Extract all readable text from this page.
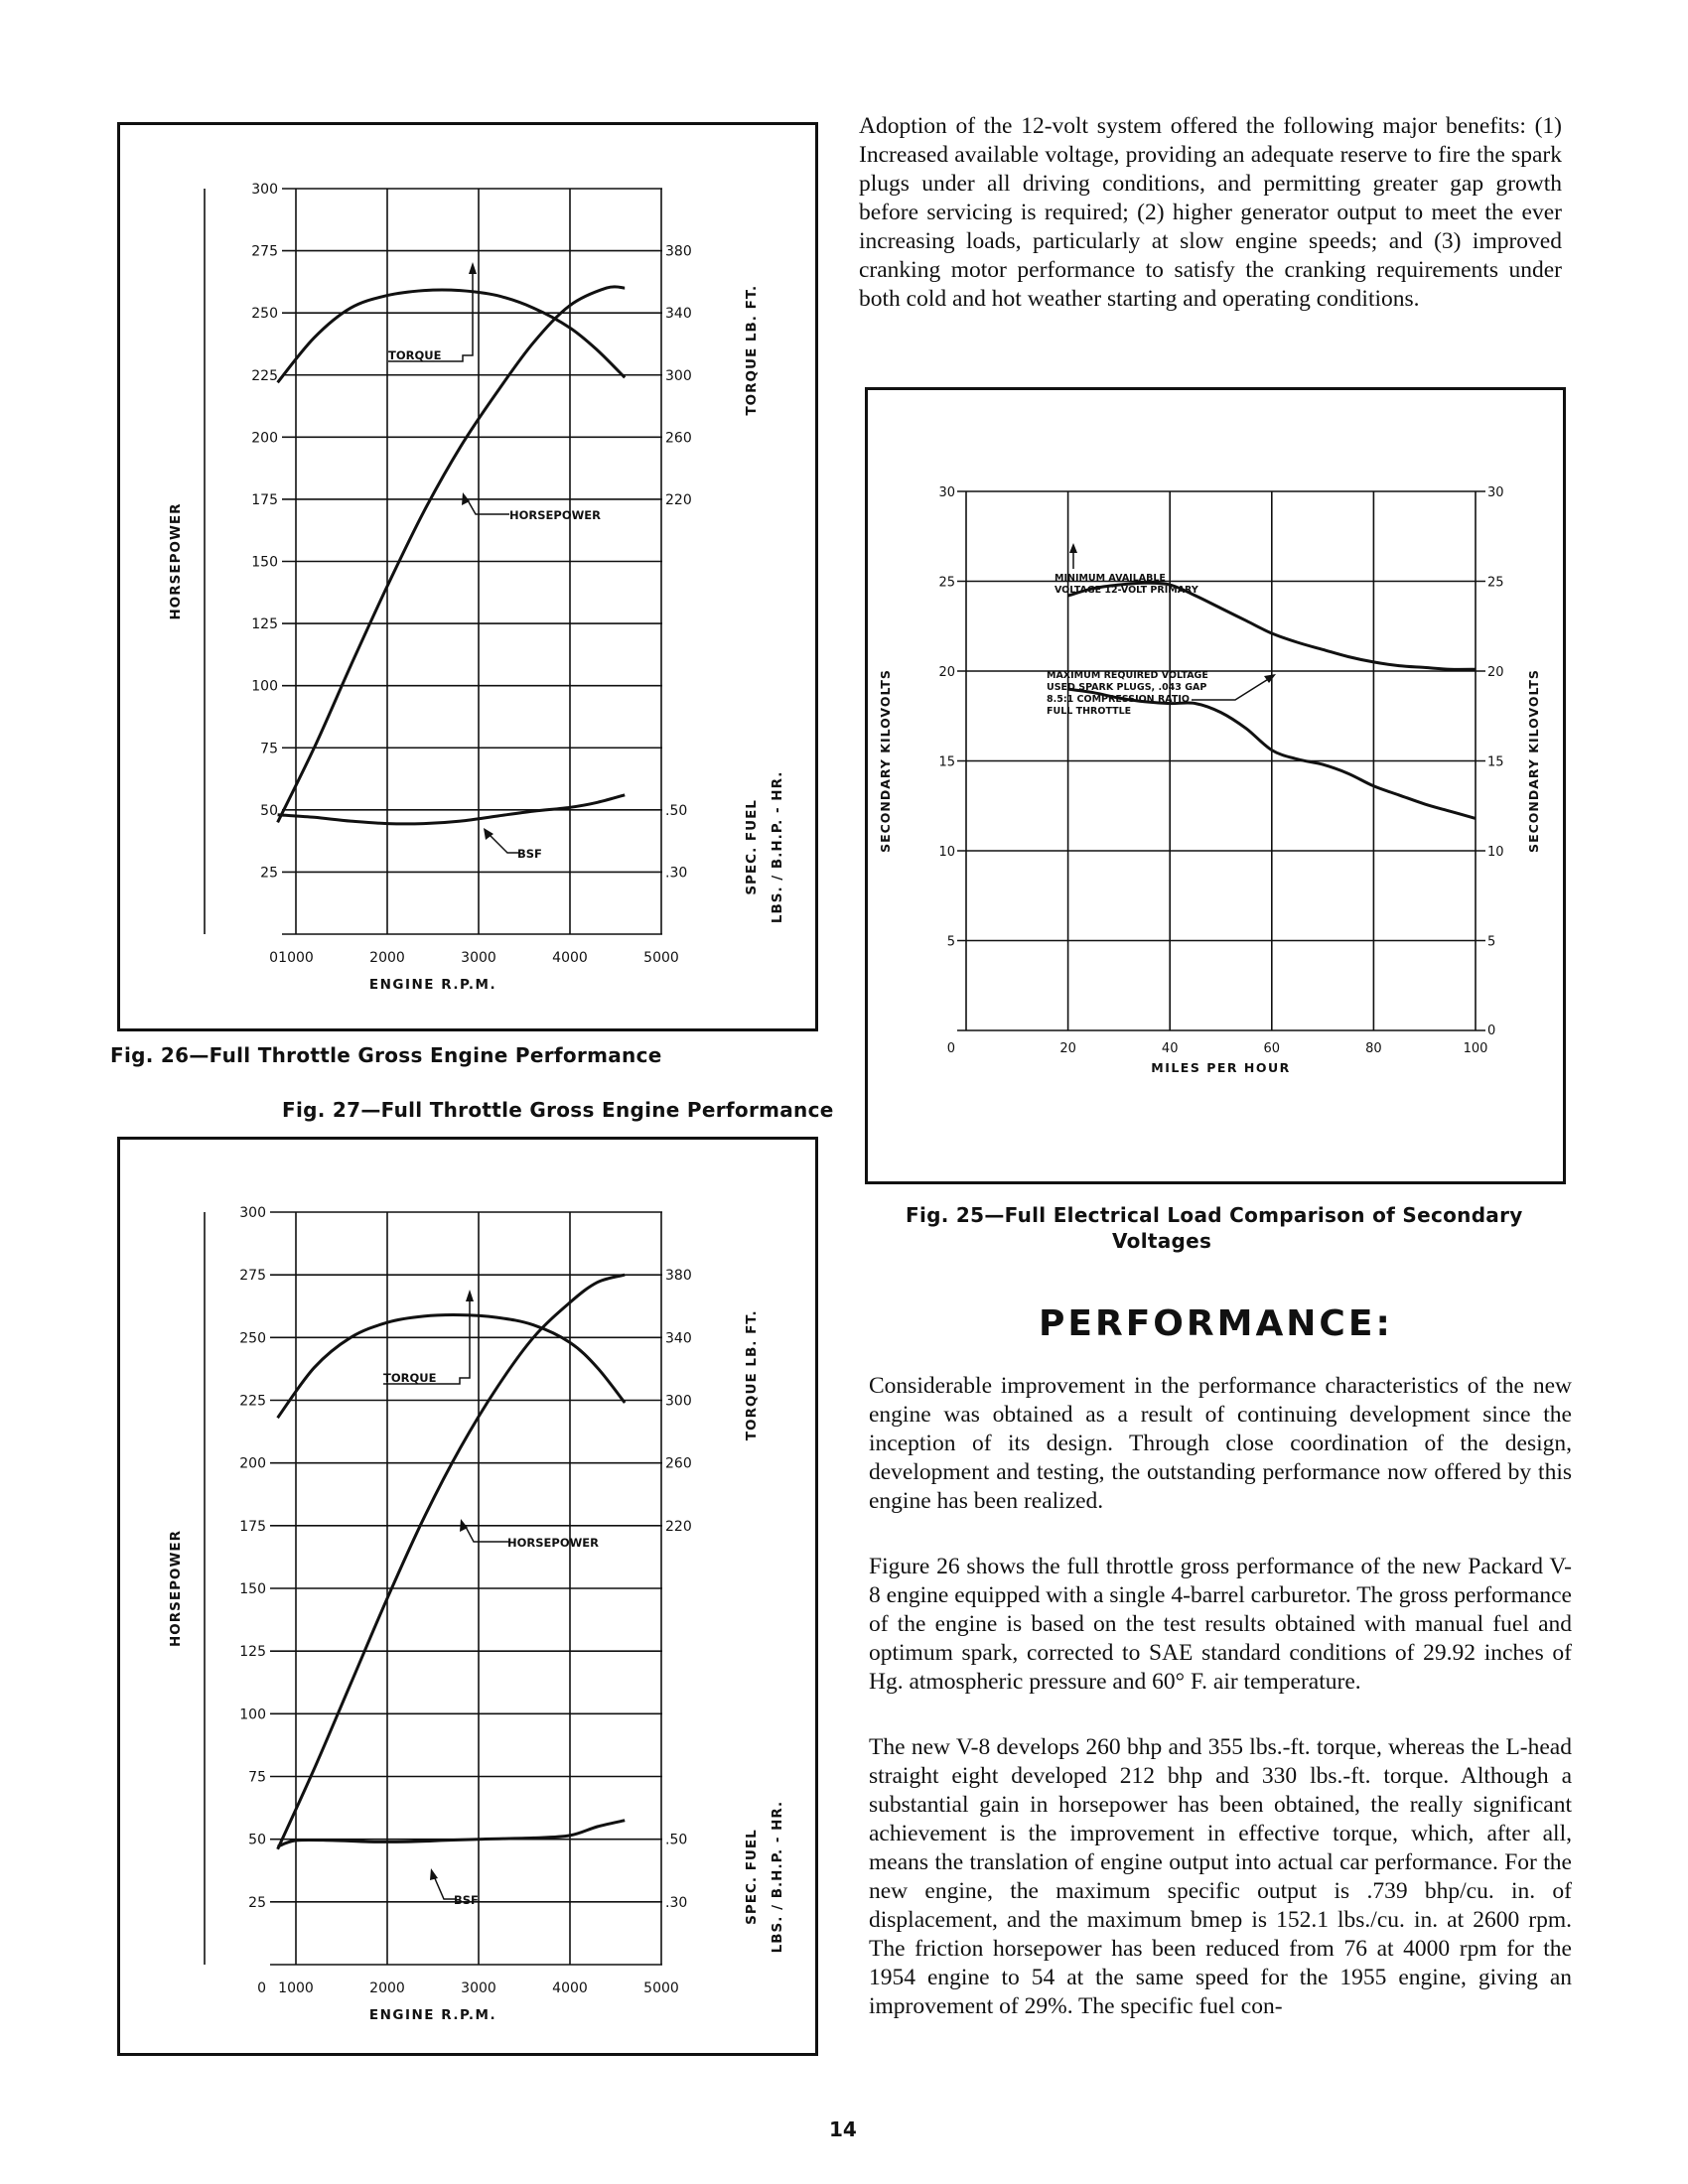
300
275
250
225
200
175
150
125
100
75
50
25
0
380
340
300
260
220
.50
.30
1000	2000	3000	4000	5000
ENGINE R.P.M.
HORSEPOWER
TORQUE LB. FT.
SPEC. FUEL LBS. / B.H.P. - HR.
TORQUE
HORSEPOWER
BSF
Fig. 26—Full Throttle Gross Engine Performance
Fig. 27—Full Throttle Gross Engine Performance
300
275
250
225
200
175
150
125
100
75
50
25
0
380
340
300
260
220
.50
.30
1000	2000	3000	4000	5000
ENGINE R.P.M.
HORSEPOWER
TORQUE LB. FT.
SPEC. FUEL LBS. / B.H.P. - HR.
TORQUE
HORSEPOWER
BSF

Adoption of the 12-volt system offered the following major benefits: (1) Increased available voltage, providing an adequate reserve to fire the spark plugs under all driving conditions, and permitting greater gap growth before servicing is required; (2) higher generator output to meet the ever increasing loads, particularly at slow engine speeds; and (3) improved cranking motor performance to satisfy the cranking requirements under both cold and hot weather starting and operating conditions.

30	30
25	25
20	20
15	15
10	10
5	5
0
0	20	40	60	80	100
MILES PER HOUR
SECONDARY KILOVOLTS	SECONDARY KILOVOLTS
MINIMUM AVAILABLE
VOLTAGE 12-VOLT PRIMARY
MAXIMUM REQUIRED VOLTAGE
USED SPARK PLUGS, .043 GAP
8.5:1 COMPRESSION RATIO
FULL THROTTLE
Fig. 25—Full Electrical Load Comparison of Secondary
Voltages
PERFORMANCE:

Considerable improvement in the performance characteristics of the new engine was obtained as a result of continuing development since the inception of its design. Through close coordination of the design, development and testing, the outstanding performance now offered by this engine has been realized.

Figure 26 shows the full throttle gross performance of the new Packard V-8 engine equipped with a single 4-barrel carburetor. The gross performance of the engine is based on the test results obtained with manual fuel and optimum spark, corrected to SAE standard conditions of 29.92 inches of Hg. atmospheric pressure and 60° F. air temperature.

The new V-8 develops 260 bhp and 355 lbs.-ft. torque, whereas the L-head straight eight developed 212 bhp and 330 lbs.-ft. torque. Although a substantial gain in horsepower has been obtained, the really significant achievement is the improvement in effective torque, which, after all, means the translation of engine output into actual car performance. For the new engine, the maximum specific output is .739 bhp/cu. in. of displacement, and the maximum bmep is 152.1 lbs./cu. in. at 2600 rpm. The friction horsepower has been reduced from 76 at 4000 rpm for the 1954 engine to 54 at the same speed for the 1955 engine, giving an improvement of 29%. The specific fuel con-

14
